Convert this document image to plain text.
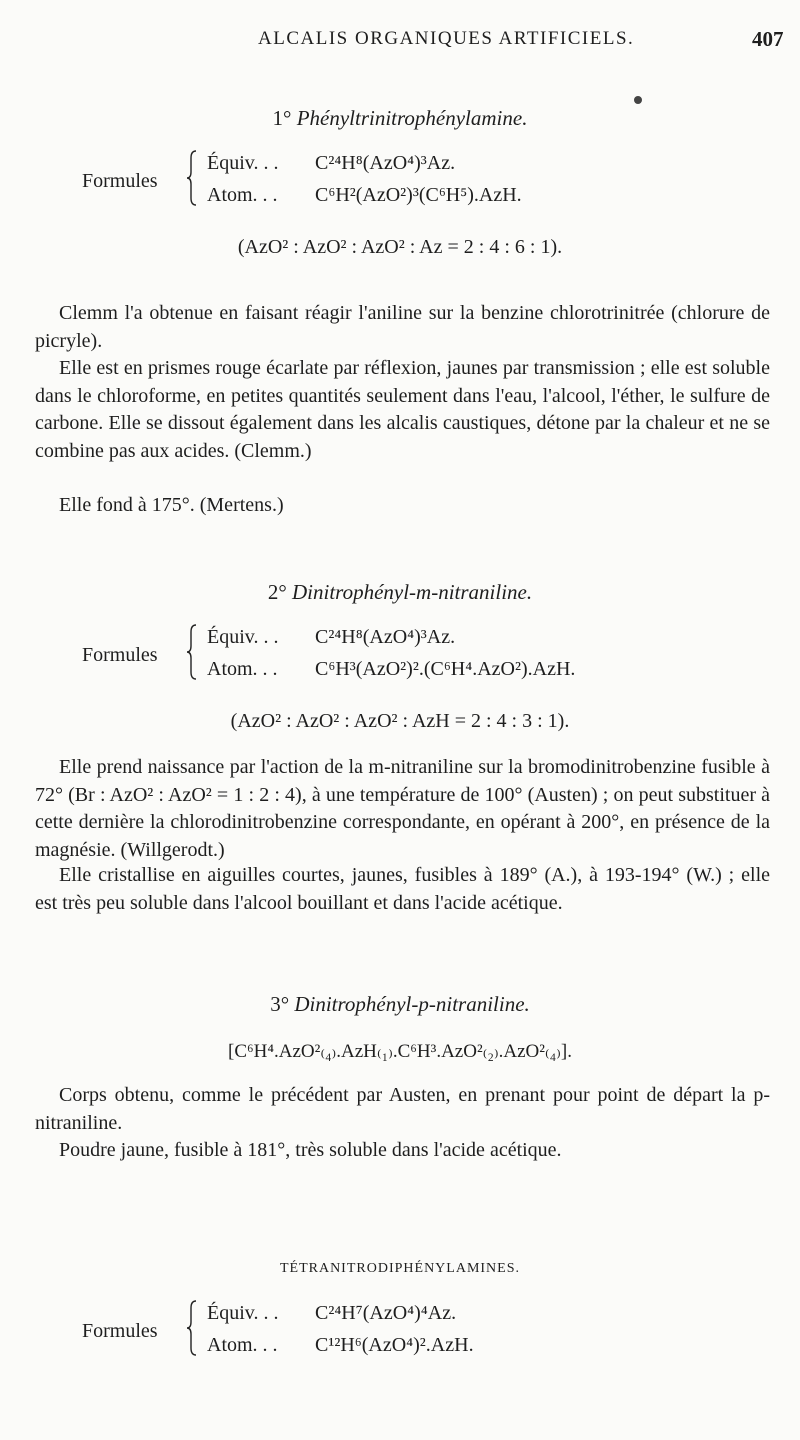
ALCALIS ORGANIQUES ARTIFICIELS.	407
1° Phényltrinitrophénylamine.
Formules
Équiv. . . C²⁴H⁸(AzO⁴)³Az.
Atom. . . C⁶H²(AzO²)³(C⁶H⁵).AzH.
(AzO² : AzO² : AzO² : Az = 2 : 4 : 6 : 1).
Clemm l'a obtenue en faisant réagir l'aniline sur la benzine chlorotrinitrée (chlorure de picryle).
Elle est en prismes rouge écarlate par réflexion, jaunes par transmission ; elle est soluble dans le chloroforme, en petites quantités seulement dans l'eau, l'alcool, l'éther, le sulfure de carbone. Elle se dissout également dans les alcalis caustiques, détone par la chaleur et ne se combine pas aux acides. (Clemm.)
Elle fond à 175°. (Mertens.)
2° Dinitrophényl-m-nitraniline.
Formules
Équiv. . . C²⁴H⁸(AzO⁴)³Az.
Atom. . . C⁶H³(AzO²)².(C⁶H⁴.AzO²).AzH.
(AzO² : AzO² : AzO² : AzH = 2 : 4 : 3 : 1).
Elle prend naissance par l'action de la m-nitraniline sur la bromodinitrobenzine fusible à 72° (Br : AzO² : AzO² = 1 : 2 : 4), à une température de 100° (Austen) ; on peut substituer à cette dernière la chlorodinitrobenzine correspondante, en opérant à 200°, en présence de la magnésie. (Willgerodt.)
Elle cristallise en aiguilles courtes, jaunes, fusibles à 189° (A.), à 193-194° (W.) ; elle est très peu soluble dans l'alcool bouillant et dans l'acide acétique.
3° Dinitrophényl-p-nitraniline.
[C⁶H⁴.AzO²₍₄₎.AzH₍₁₎.C⁶H³.AzO²₍₂₎.AzO²₍₄₎].
Corps obtenu, comme le précédent par Austen, en prenant pour point de départ la p-nitraniline.
Poudre jaune, fusible à 181°, très soluble dans l'acide acétique.
TÉTRANITRODIPHÉNYLAMINES.
Formules
Équiv. . . C²⁴H⁷(AzO⁴)⁴Az.
Atom. . . C¹²H⁶(AzO⁴)².AzH.
